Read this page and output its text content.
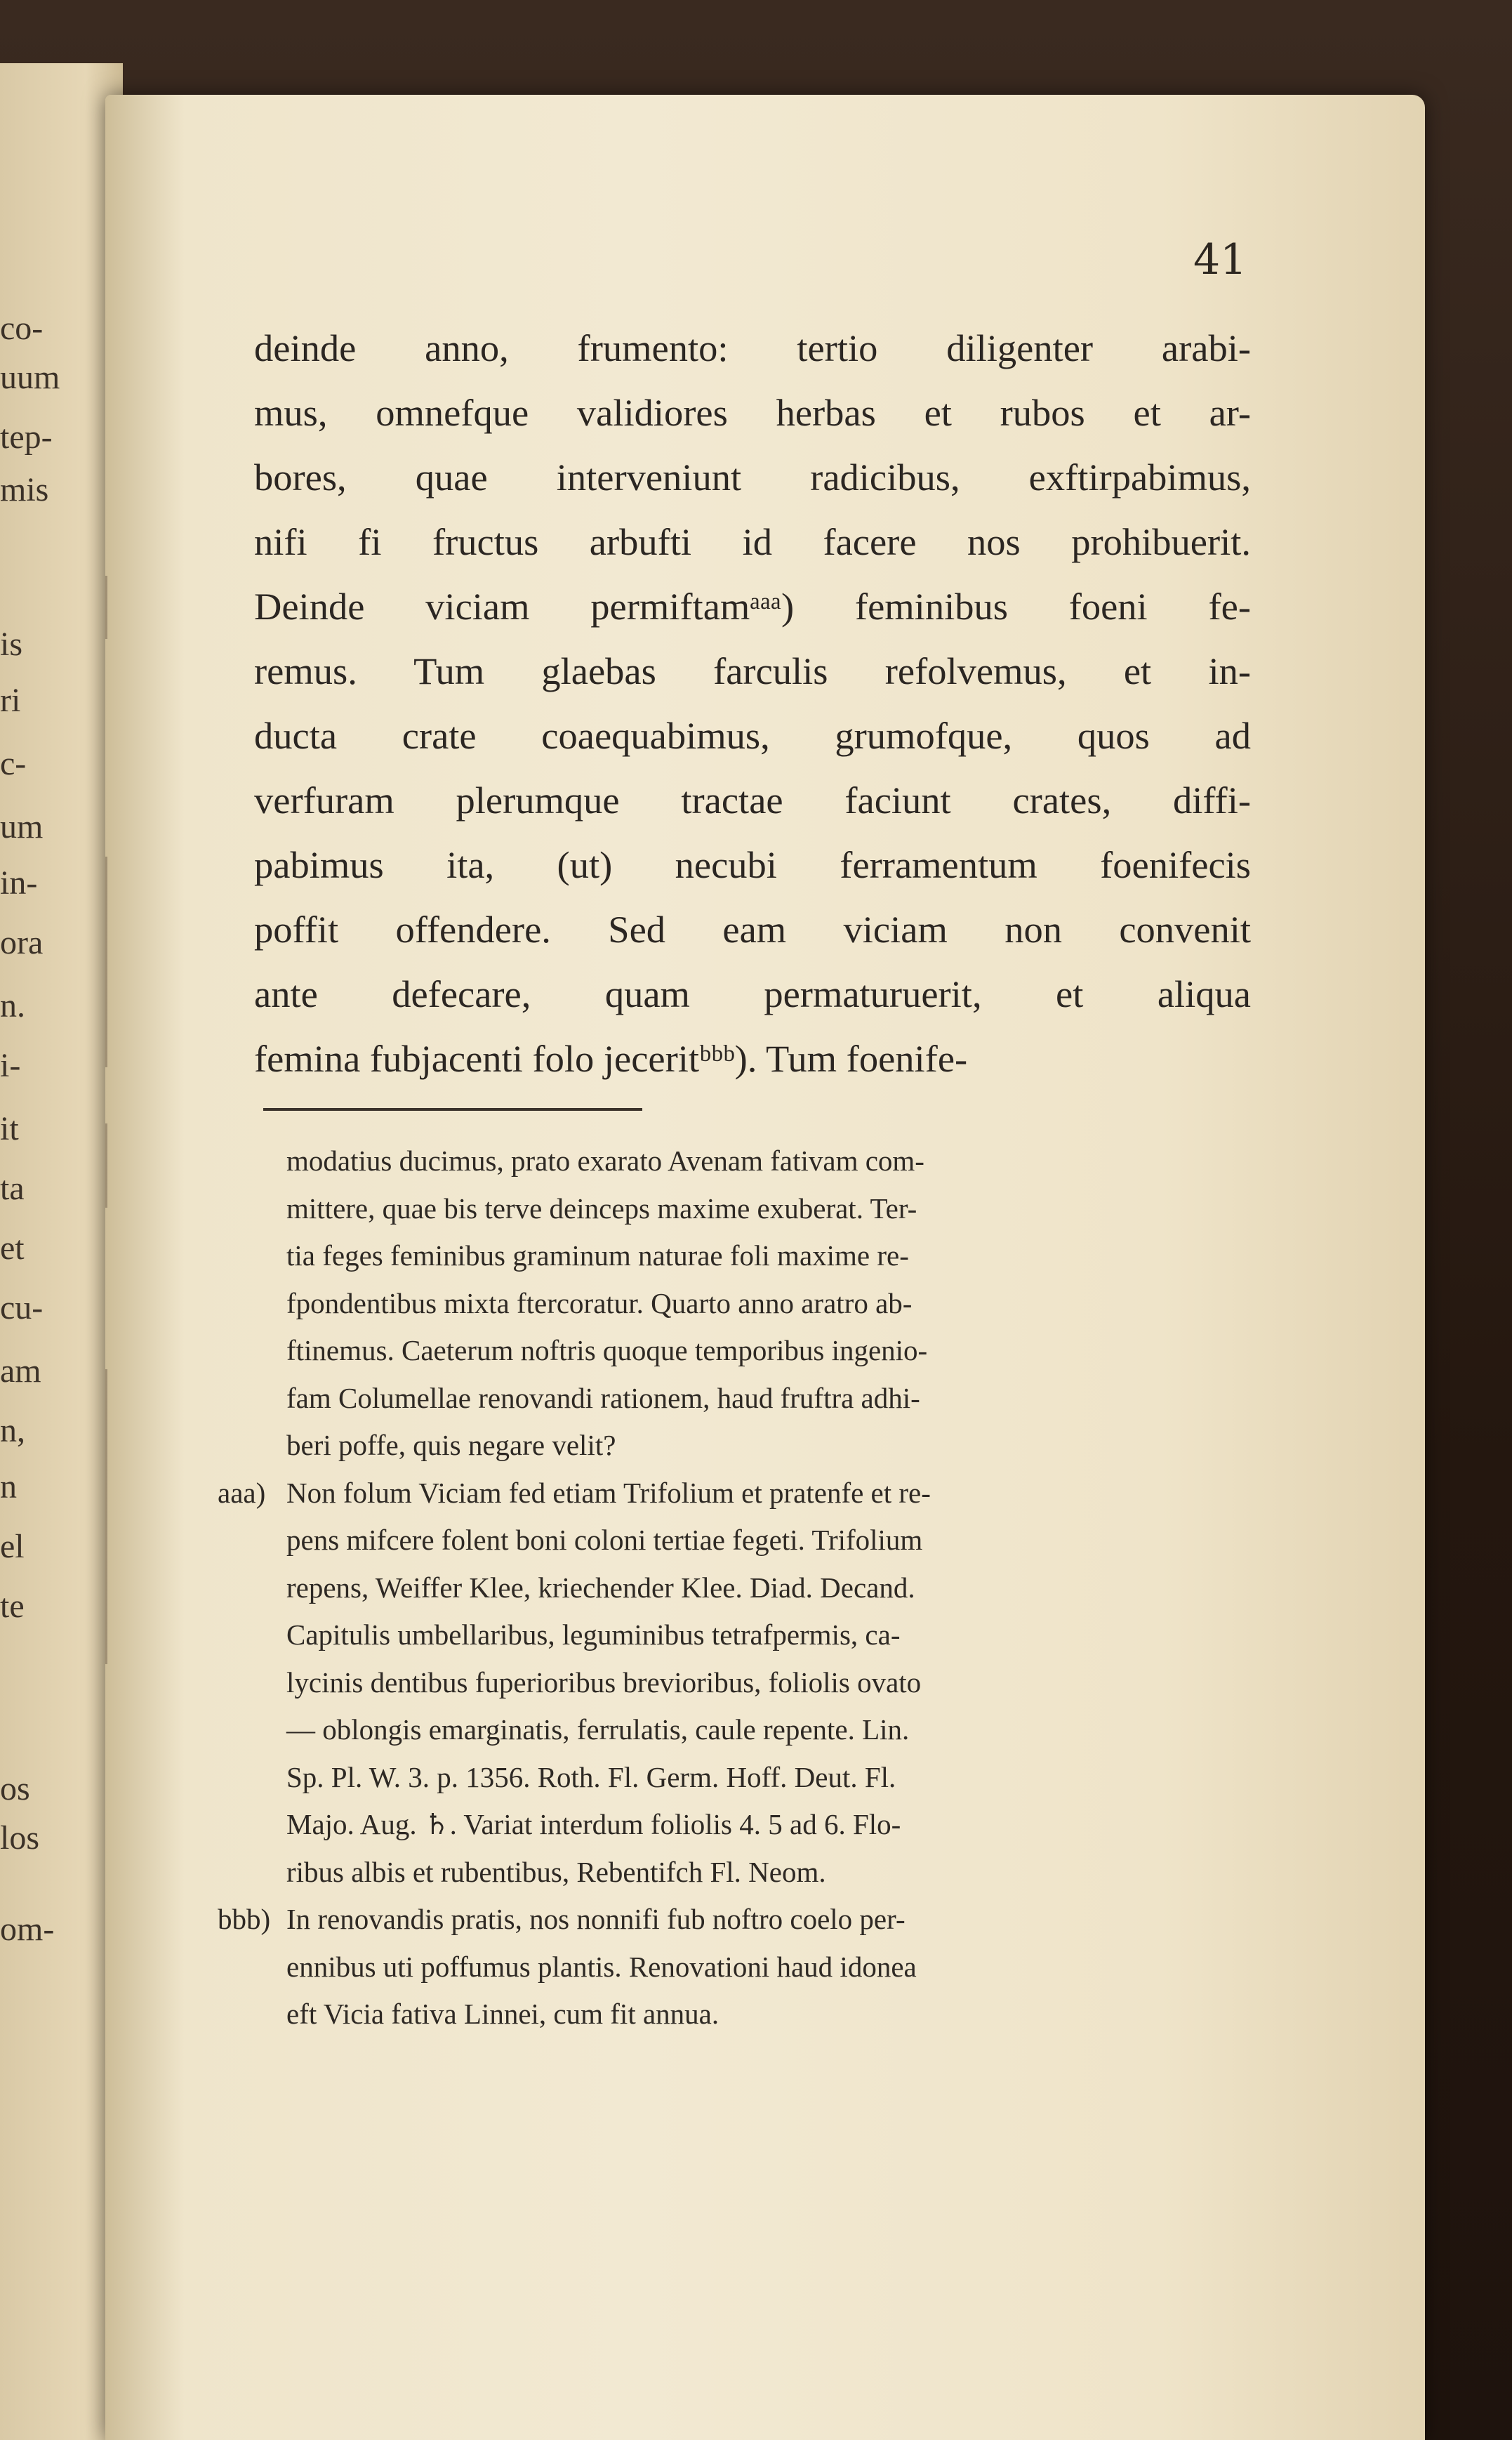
co-
uum
tep-
mis
is
ri
c-
um
in-
ora
n.
i-
it
ta
et
cu-
am
n,
n
el
te
os
los
om-
41
deinde anno, frumento: tertio diligenter arabi-
mus, omnefque validiores herbas et rubos et ar-
bores, quae interveniunt radicibus, exftirpabimus,
nifi fi fructus arbufti id facere nos prohibuerit.
Deinde viciam permiftamᵃᵃᵃ) feminibus foeni fe-
remus. Tum glaebas farculis refolvemus, et in-
ducta crate coaequabimus, grumofque, quos ad
verfuram plerumque tractae faciunt crates, diffi-
pabimus ita, (ut) necubi ferramentum foenifecis
poffit offendere. Sed eam viciam non convenit
ante defecare, quam permaturuerit, et aliqua
femina fubjacenti folo jeceritᵇᵇᵇ). Tum foenife-
modatius ducimus, prato exarato Avenam fativam com-
mittere, quae bis terve deinceps maxime exuberat. Ter-
tia feges feminibus graminum naturae foli maxime re-
fpondentibus mixta ftercoratur. Quarto anno aratro ab-
ftinemus. Caeterum noftris quoque temporibus ingenio-
fam Columellae renovandi rationem, haud fruftra adhi-
beri poffe, quis negare velit?
aaa) Non folum Viciam fed etiam Trifolium et pratenfe et re-
pens mifcere folent boni coloni tertiae fegeti. Trifolium
repens, Weiffer Klee, kriechender Klee. Diad. Decand.
Capitulis umbellaribus, leguminibus tetrafpermis, ca-
lycinis dentibus fuperioribus brevioribus, foliolis ovato
— oblongis emarginatis, ferrulatis, caule repente. Lin.
Sp. Pl. W. 3. p. 1356. Roth. Fl. Germ. Hoff. Deut. Fl.
Majo. Aug. ♄. Variat interdum foliolis 4. 5 ad 6. Flo-
ribus albis et rubentibus, Rebentifch Fl. Neom.
bbb) In renovandis pratis, nos nonnifi fub noftro coelo per-
ennibus uti poffumus plantis. Renovationi haud idonea
eft Vicia fativa Linnei, cum fit annua.
